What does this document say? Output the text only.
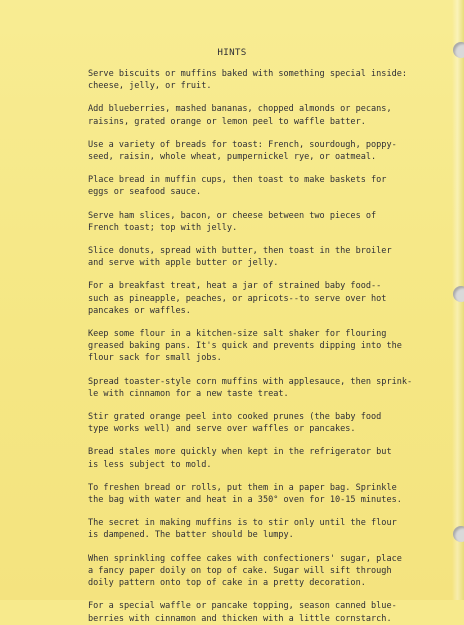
HINTS

Serve biscuits or muffins baked with something special inside:
cheese, jelly, or fruit.

Add blueberries, mashed bananas, chopped almonds or pecans,
raisins, grated orange or lemon peel to waffle batter.

Use a variety of breads for toast: French, sourdough, poppy-
seed, raisin, whole wheat, pumpernickel rye, or oatmeal.

Place bread in muffin cups, then toast to make baskets for
eggs or seafood sauce.

Serve ham slices, bacon, or cheese between two pieces of
French toast; top with jelly.

Slice donuts, spread with butter, then toast in the broiler
and serve with apple butter or jelly.

For a breakfast treat, heat a jar of strained baby food--
such as pineapple, peaches, or apricots--to serve over hot
pancakes or waffles.

Keep some flour in a kitchen-size salt shaker for flouring
greased baking pans. It's quick and prevents dipping into the
flour sack for small jobs.

Spread toaster-style corn muffins with applesauce, then sprink-
le with cinnamon for a new taste treat.

Stir grated orange peel into cooked prunes (the baby food
type works well) and serve over waffles or pancakes.

Bread stales more quickly when kept in the refrigerator but
is less subject to mold.

To freshen bread or rolls, put them in a paper bag. Sprinkle
the bag with water and heat in a 350° oven for 10-15 minutes.

The secret in making muffins is to stir only until the flour
is dampened. The batter should be lumpy.

When sprinkling coffee cakes with confectioners' sugar, place
a fancy paper doily on top of cake. Sugar will sift through
doily pattern onto top of cake in a pretty decoration.

For a special waffle or pancake topping, season canned blue-
berries with cinnamon and thicken with a little cornstarch.
